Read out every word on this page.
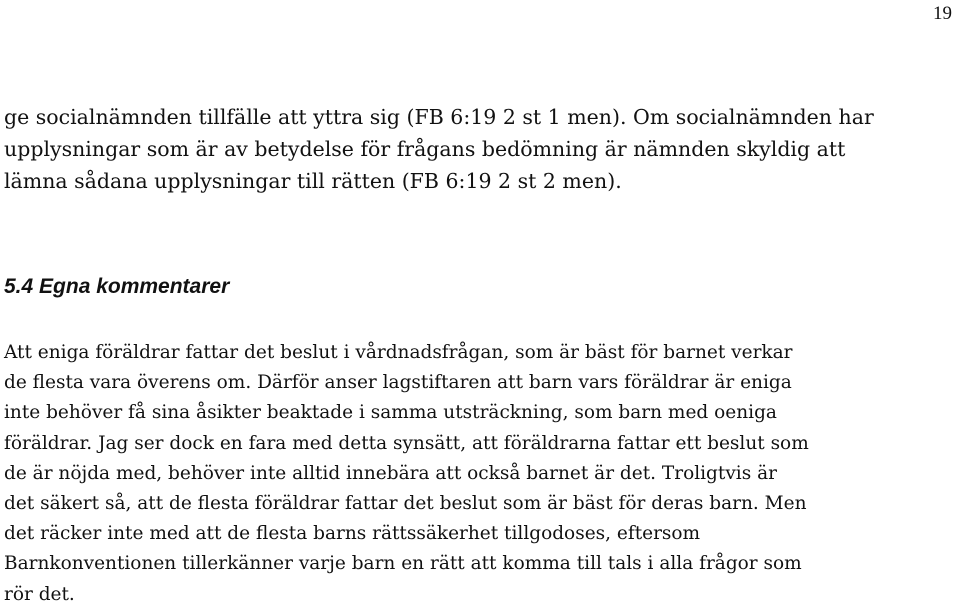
19

ge socialnämnden tillfälle att yttra sig (FB 6:19 2 st 1 men). Om socialnämnden har
upplysningar som är av betydelse för frågans bedömning är nämnden skyldig att
lämna sådana upplysningar till rätten (FB 6:19 2 st 2 men).

5.4 Egna kommentarer

Att eniga föräldrar fattar det beslut i vårdnadsfrågan, som är bäst för barnet verkar
de flesta vara överens om. Därför anser lagstiftaren att barn vars föräldrar är eniga
inte behöver få sina åsikter beaktade i samma utsträckning, som barn med oeniga
föräldrar. Jag ser dock en fara med detta synsätt, att föräldrarna fattar ett beslut som
de är nöjda med, behöver inte alltid innebära att också barnet är det. Troligtvis är
det säkert så, att de flesta föräldrar fattar det beslut som är bäst för deras barn. Men
det räcker inte med att de flesta barns rättssäkerhet tillgodoses, eftersom
Barnkonventionen tillerkänner varje barn en rätt att komma till tals i alla frågor som
rör det.
